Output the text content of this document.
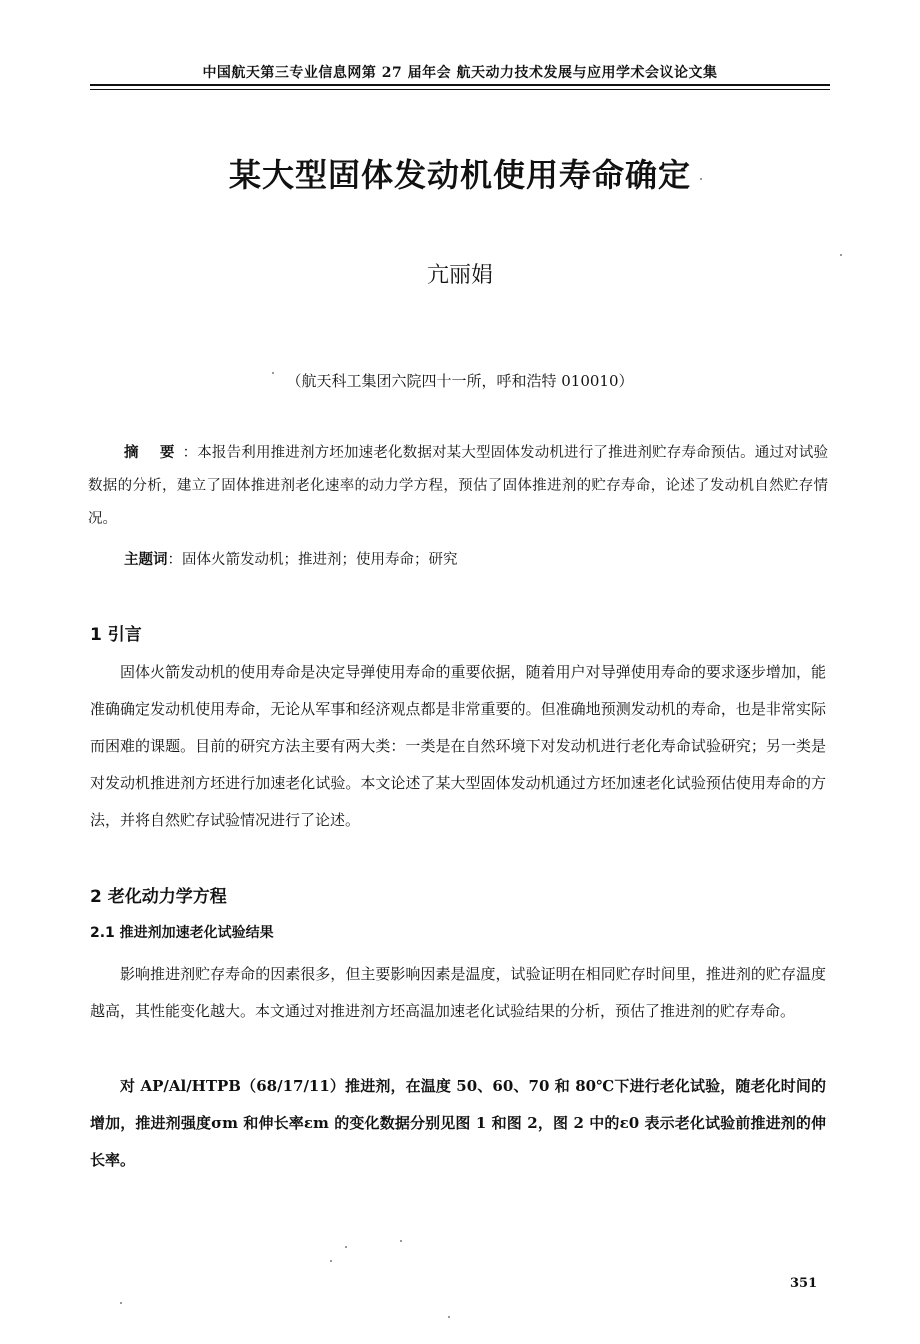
中国航天第三专业信息网第 27 届年会 航天动力技术发展与应用学术会议论文集
某大型固体发动机使用寿命确定
亢丽娟
（航天科工集团六院四十一所，呼和浩特 010010）
摘 要：本报告利用推进剂方坯加速老化数据对某大型固体发动机进行了推进剂贮存寿命预估。通过对试验数据的分析，建立了固体推进剂老化速率的动力学方程，预估了固体推进剂的贮存寿命，论述了发动机自然贮存情况。
主题词：固体火箭发动机；推进剂；使用寿命；研究
1 引言
固体火箭发动机的使用寿命是决定导弹使用寿命的重要依据，随着用户对导弹使用寿命的要求逐步增加，能准确确定发动机使用寿命，无论从军事和经济观点都是非常重要的。但准确地预测发动机的寿命，也是非常实际而困难的课题。目前的研究方法主要有两大类：一类是在自然环境下对发动机进行老化寿命试验研究；另一类是对发动机推进剂方坯进行加速老化试验。本文论述了某大型固体发动机通过方坯加速老化试验预估使用寿命的方法，并将自然贮存试验情况进行了论述。
2 老化动力学方程
2.1 推进剂加速老化试验结果
影响推进剂贮存寿命的因素很多，但主要影响因素是温度，试验证明在相同贮存时间里，推进剂的贮存温度越高，其性能变化越大。本文通过对推进剂方坯高温加速老化试验结果的分析，预估了推进剂的贮存寿命。
对 AP/Al/HTPB（68/17/11）推进剂，在温度 50、60、70 和 80℃下进行老化试验，随老化时间的增加，推进剂强度σm 和伸长率εm 的变化数据分别见图 1 和图 2，图 2 中的ε0 表示老化试验前推进剂的伸长率。
351
